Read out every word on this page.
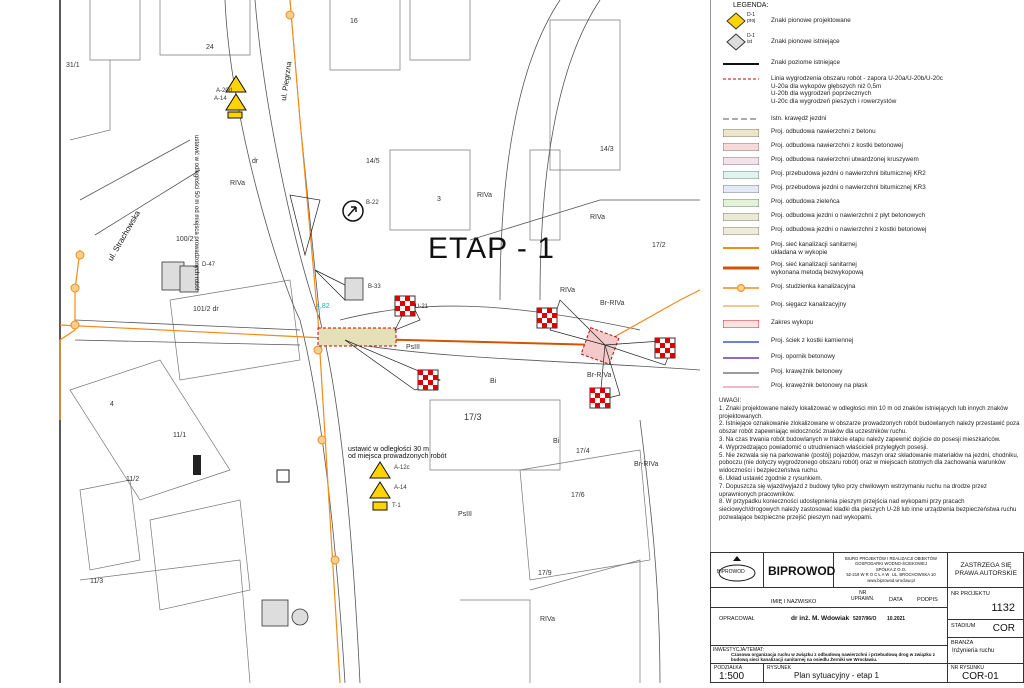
ETAP - 1
ul. Piegrzna
ul. Strachowska	ustawić w odległości 50 m od miejsca prowadzonych robót
ustawić w odległości 30 m
od miejsca prowadzonych robót
4,82
A-12c
A-14
T-1
B-22
B-33
A-20d
A-14
D-47
U-21
31/1
24
16
14/3
14/5
RIVa
100/2
101/2 dr
RIVa
RIVa
PsIII
Bi
RIVa
17/2
Br-RIVa
17/3
11/1
4
Bi
17/4
Br-RIVa
17/6
11/2
PsIII
11/3
17/9
RIVa
dr
Br-RIVa
3
LEGENDA:
D-1
proj	Znaki pionowe projektowane
D-1
ist	Znaki pionowe istniejące
Znaki poziome istniejące
Linia wygrodzenia obszaru robót - zapora U-20a/U-20b/U-20c
U-20a dla wykopów głębszych niż 0,5m
U-20b dla wygrodzeń poprzecznych
U-20c dla wygrodzeń pieszych i rowerzystów
Istn. krawędź jezdni
Proj. odbudowa nawierzchni z betonu
Proj. odbudowa nawierzchni z kostki betonowej
Proj. odbudowa nawierzchni utwardzonej kruszywem
Proj. przebudowa jezdni o nawierzchni bitumicznej KR2
Proj. przebudowa jezdni o nawierzchni bitumicznej KR3
Proj. odbudowa zieleńca
Proj. odbudowa jezdni o nawierzchni z płyt betonowych
Proj. odbudowa jezdni o nawierzchni z kostki betonowej
Proj. sieć kanalizacji sanitarnej
układana w wykopie
Proj. sieć kanalizacji sanitarnej
wykonana metodą bezwykopową
Proj. studzienka kanalizacyjna
Proj. sięgacz kanalizacyjny
Zakres wykopu
Proj. ściek z kostki kamiennej
Proj. opornik betonowy
Proj. krawężnik betonowy
Proj. krawężnik betonowy na płask

UWAGI:

1. Znaki projektowane należy lokalizować w odległości min 10 m od znaków istniejących lub innych znaków projektowanych.

2. Istniejące oznakowanie zlokalizowane w obszarze prowadzonych robót budowlanych należy przestawić poza obszar robót zapewniając widoczność znaków dla uczestników ruchu.

3. Na czas trwania robót budowlanych w trakcie etapu należy zapewnić dojście do posesji mieszkańców.

4. Wyprzedzająco powiadomić o utrudnieniach właścicieli przyległych posesji.

5. Nie zezwala się na parkowanie (postój) pojazdów, maszyn oraz składowanie materiałów na jezdni, chodniku, poboczu (nie dotyczy wygrodzonego obszaru robót) oraz w miejscach istotnych dla zachowania warunków widoczności i bezpieczeństwa ruchu.

6. Układ ustawić zgodnie z rysunkiem.

7. Dopuszcza się wjazd/wyjazd z budowy tylko przy chwilowym wstrzymaniu ruchu na drodze przez uprawnionych pracowników.

8. W przypadku konieczności udostępnienia pieszym przejścia nad wykopami przy pracach sieciowych/drogowych należy zastosować kładki dla pieszych U-28 lub inne urządzenia bezpieczeństwa ruchu pozwalające bezpieczne przejść pieszym nad wykopami.

BIPROWOD BIPROWOD
BIURO PROJEKTÓW I REALIZACJI OBIEKTÓW
GOSPODARKI WODNO-ŚCIEKOWEJ
SPÓŁKA Z O.O.
52-219 W R O C Ł A W  UL. BROCHOWSKA 10
www.biprowod.wroclaw.pl
ZASTRZEGA SIĘ
PRAWA AUTORSKIE
IMIĘ I NAZWISKO
NR
UPRAWN.	DATA	PODPIS
NR PROJEKTU
1132
OPRACOWAŁ	dr inż. M. Wdowiak 5207/96/O 10.2021
STADIUM COR
INWESTYCJA/TEMAT:
Czasowa organizacja ruchu w związku z odbudową nawierzchni i przebudową drog w związku z budową sieci kanalizacji sanitarnej na osiedlu Żerniki we Wrocławiu.
BRANŻA
Inżynieria ruchu
PODZIAŁKA
1:500
RYSUNEK
Plan sytuacyjny - etap 1
NR RYSUNKU
COR-01
